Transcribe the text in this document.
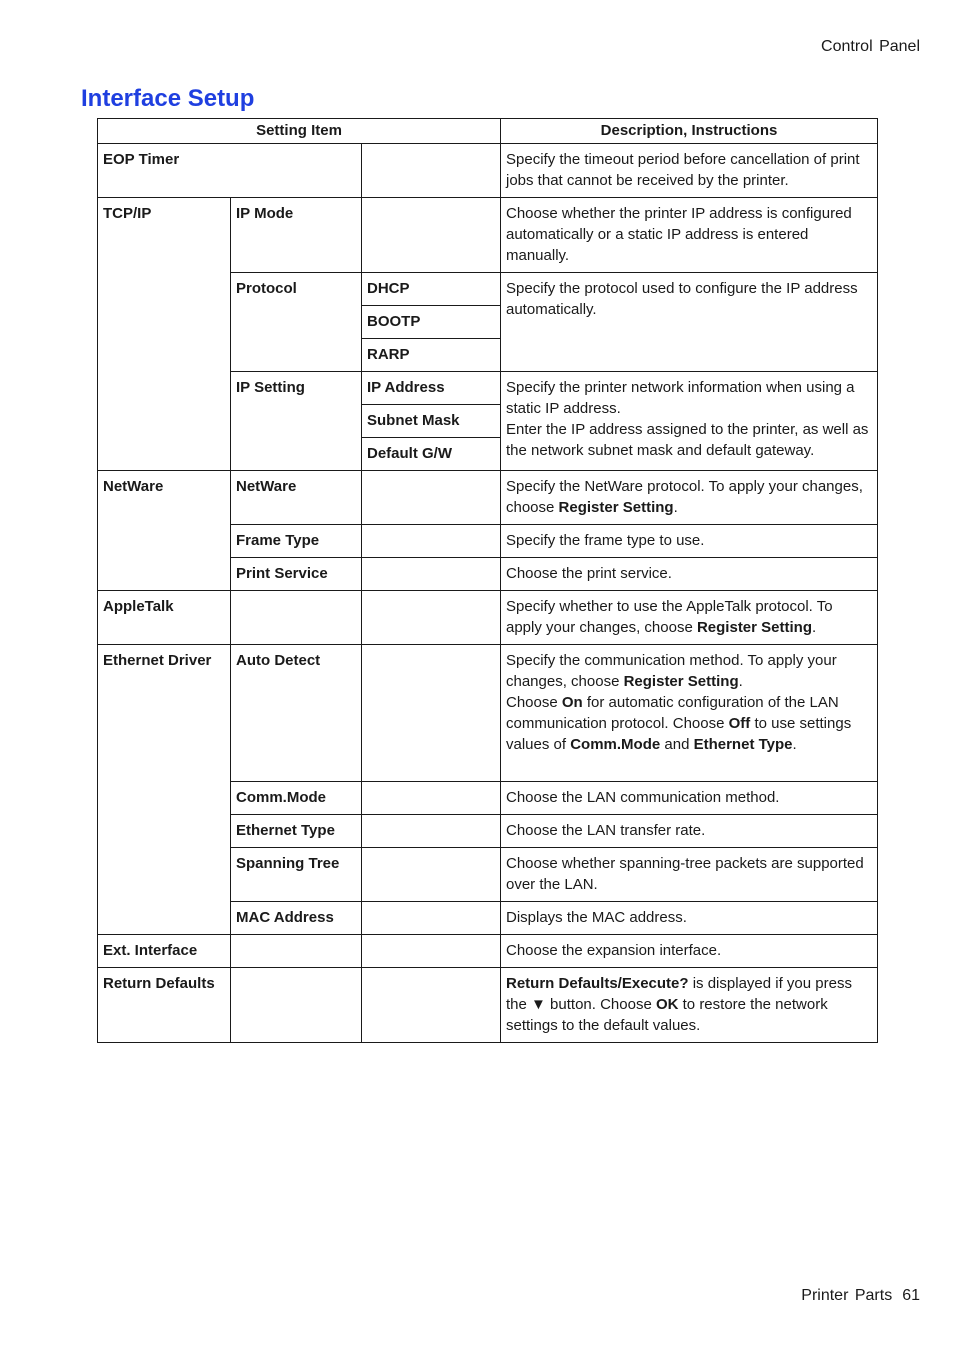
Control Panel
Interface Setup
Setting Item			Description, Instructions
EOP Timer			Specify the timeout period before cancellation of print jobs that cannot be received by the printer.
TCP/IP	IP Mode		Choose whether the printer IP address is configured automatically or a static IP address is entered manually.
	Protocol	DHCP	Specify the protocol used to configure the IP address automatically.
		BOOTP	
		RARP	
	IP Setting	IP Address	Specify the printer network information when using a static IP address.
Enter the IP address assigned to the printer, as well as the network subnet mask and default gateway.
		Subnet Mask	
		Default G/W	
NetWare	NetWare		Specify the NetWare protocol. To apply your changes, choose Register Setting.
	Frame Type		Specify the frame type to use.
	Print Service		Choose the print service.
AppleTalk			Specify whether to use the AppleTalk protocol. To apply your changes, choose Register Setting.
Ethernet Driver	Auto Detect		Specify the communication method. To apply your changes, choose Register Setting.
Choose On for automatic configuration of the LAN communication protocol. Choose Off to use settings values of Comm.Mode and Ethernet Type.
	Comm.Mode		Choose the LAN communication method.
	Ethernet Type		Choose the LAN transfer rate.
	Spanning Tree		Choose whether spanning-tree packets are supported over the LAN.
	MAC Address		Displays the MAC address.
Ext. Interface			Choose the expansion interface.
Return Defaults			Return Defaults/Execute? is displayed if you press the ▼ button. Choose OK to restore the network settings to the default values.
Printer Parts 61
